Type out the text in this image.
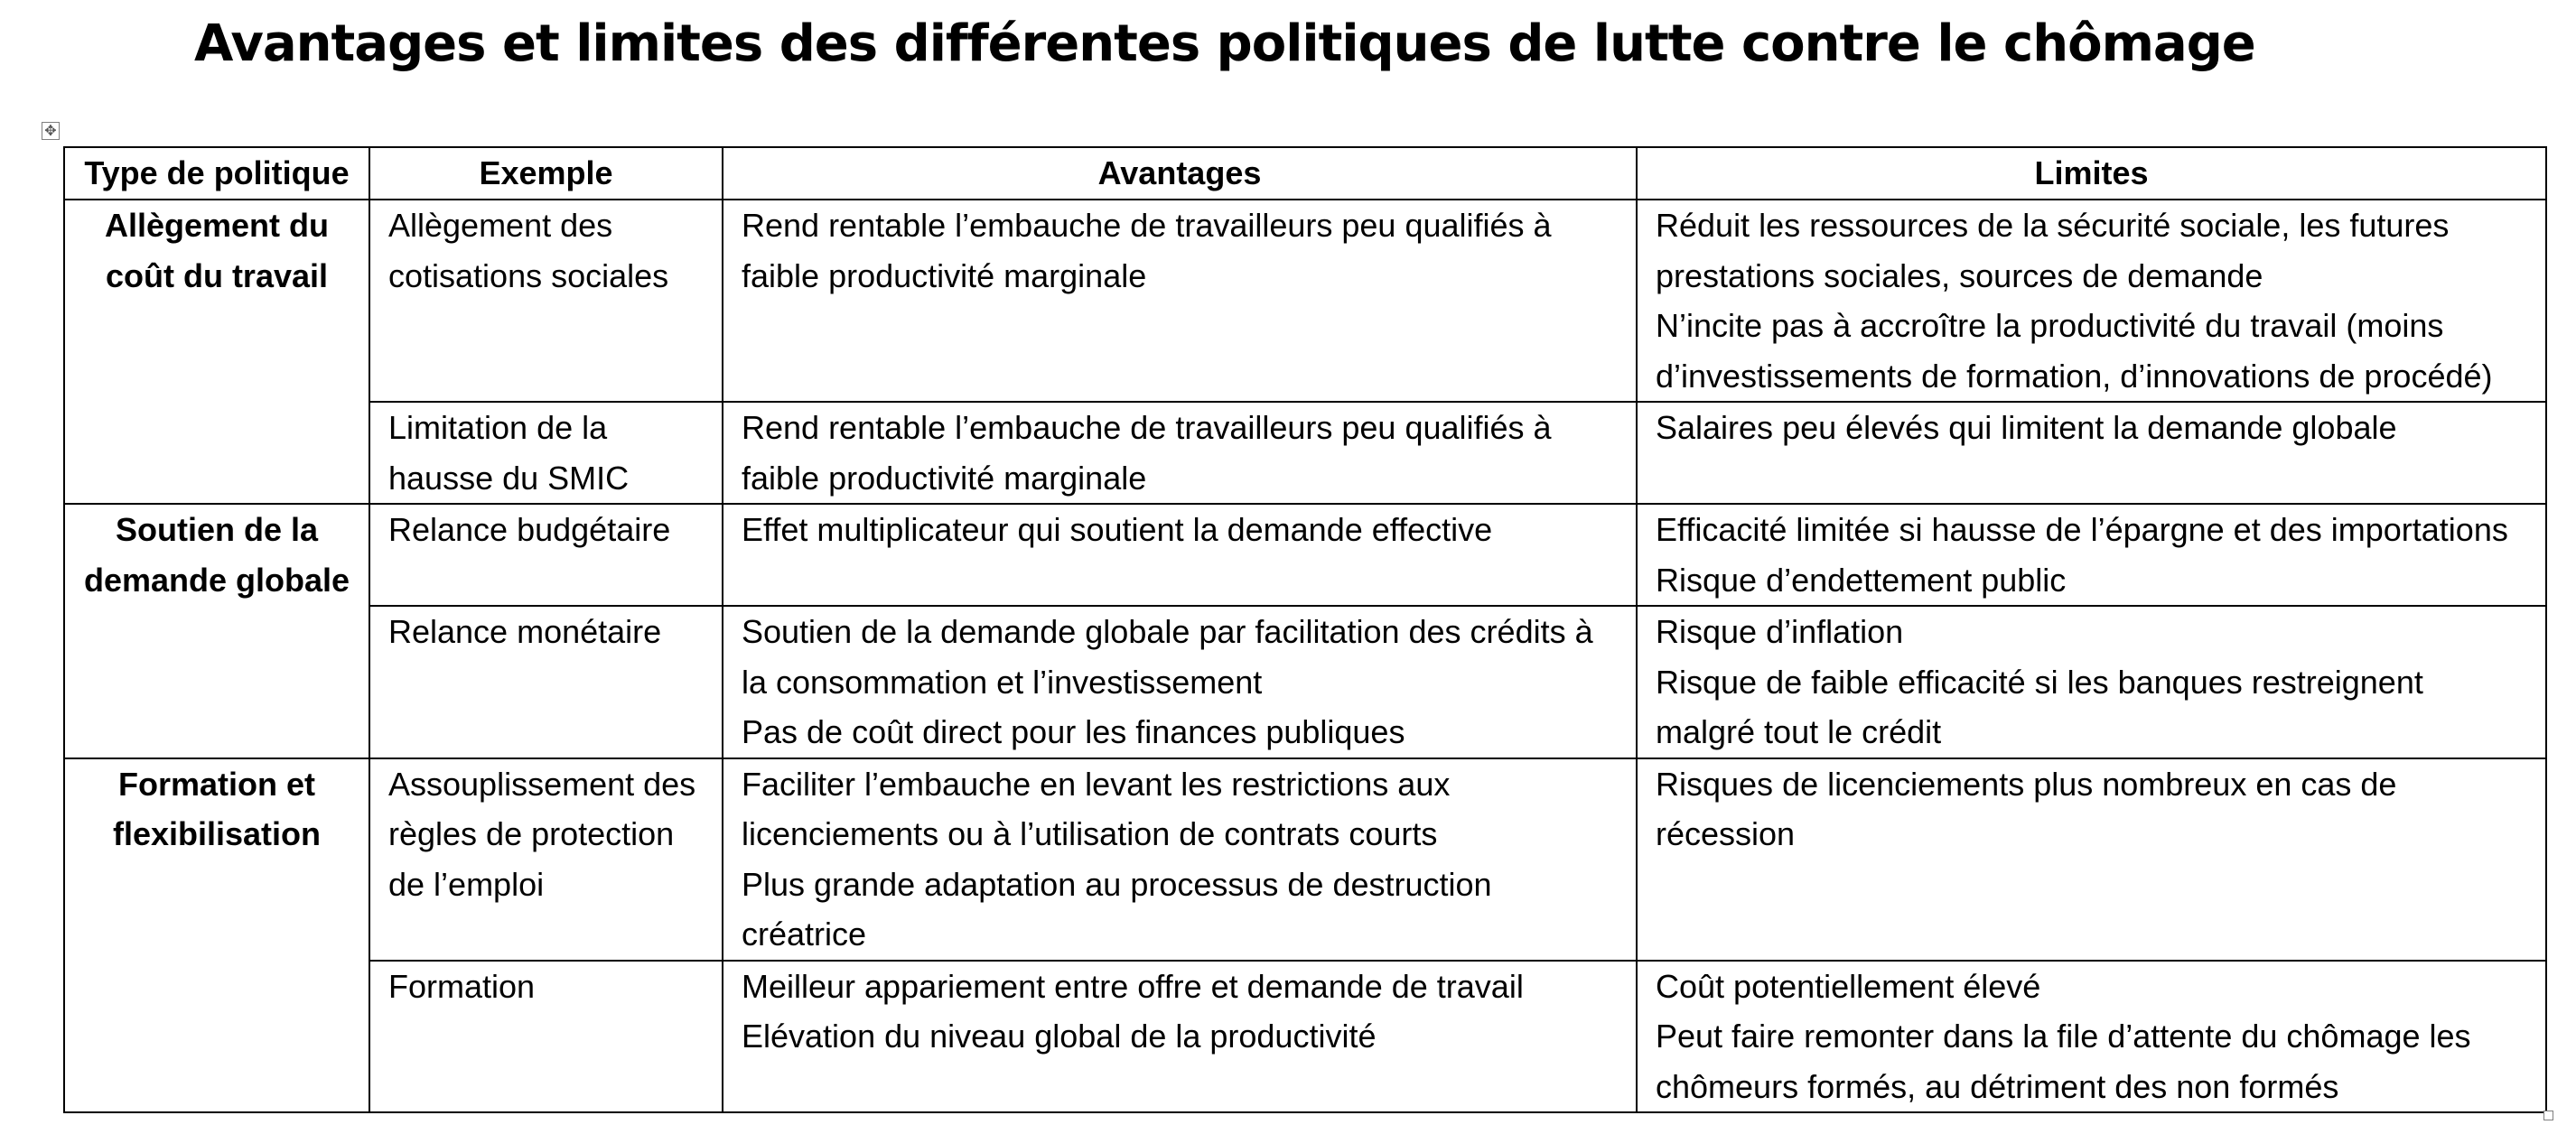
Avantages et limites des différentes politiques de lutte contre le chômage
✥
Type de politique	Exemple	Avantages	Limites
Allègement du coût du travail	Allègement des cotisations sociales	Rend rentable l’embauche de travailleurs peu qualifiés à faible productivité marginale	Réduit les ressources de la sécurité sociale, les futures prestations sociales, sources de demande
N’incite pas à accroître la productivité du travail (moins d’investissements de formation, d’innovations de procédé)

	Limitation de la hausse du SMIC	Rend rentable l’embauche de travailleurs peu qualifiés à faible productivité marginale	Salaires peu élevés qui limitent la demande globale

Soutien de la demande globale	Relance budgétaire	Effet multiplicateur qui soutient la demande effective	Efficacité limitée si hausse de l’épargne et des importations
Risque d’endettement public

	Relance monétaire	Soutien de la demande globale par facilitation des crédits à la consommation et l’investissement
Pas de coût direct pour les finances publiques	Risque d’inflation
Risque de faible efficacité si les banques restreignent malgré tout le crédit

Formation et flexibilisation	Assouplissement des règles de protection de l’emploi	Faciliter l’embauche en levant les restrictions aux licenciements ou à l’utilisation de contrats courts
Plus grande adaptation au processus de destruction créatrice	Risques de licenciements plus nombreux en cas de récession

	Formation	Meilleur appariement entre offre et demande de travail
Elévation du niveau global de la productivité	Coût potentiellement élevé
Peut faire remonter dans la file d’attente du chômage les chômeurs formés, au détriment des non formés
